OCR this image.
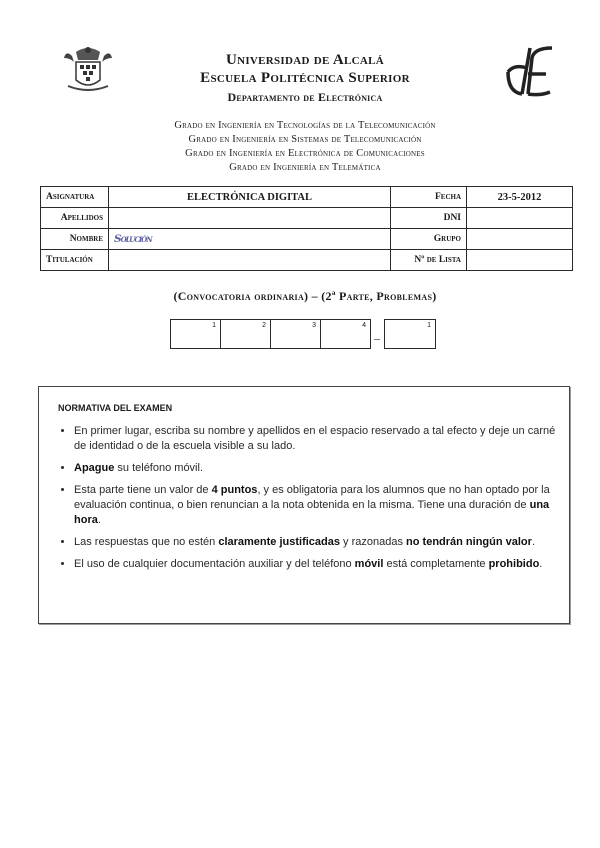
Universidad de Alcalá
Escuela Politécnica Superior
Departamento de Electrónica
Grado en Ingeniería en Tecnologías de la Telecomunicación
Grado en Ingeniería en Sistemas de Telecomunicación
Grado en Ingeniería en Electrónica de Comunicaciones
Grado en Ingeniería en Telemática
Asignatura	ELECTRÓNICA DIGITAL	Fecha	23-5-2012
Apellidos		DNI	
Nombre	Solución	Grupo	
Titulación		Nº de Lista	
(Convocatoria ordinaria) – (2ª Parte, Problemas)
1	2	3	4
–
1
NORMATIVA DEL EXAMEN
• En primer lugar, escriba su nombre y apellidos en el espacio reservado a tal efecto y deje un carné de identidad o de la escuela visible a su lado.
• Apague su teléfono móvil.
• Esta parte tiene un valor de 4 puntos, y es obligatoria para los alumnos que no han optado por la evaluación continua, o bien renuncian a la nota obtenida en la misma. Tiene una duración de una hora.
• Las respuestas que no estén claramente justificadas y razonadas no tendrán ningún valor.
• El uso de cualquier documentación auxiliar y del teléfono móvil está completamente prohibido.
